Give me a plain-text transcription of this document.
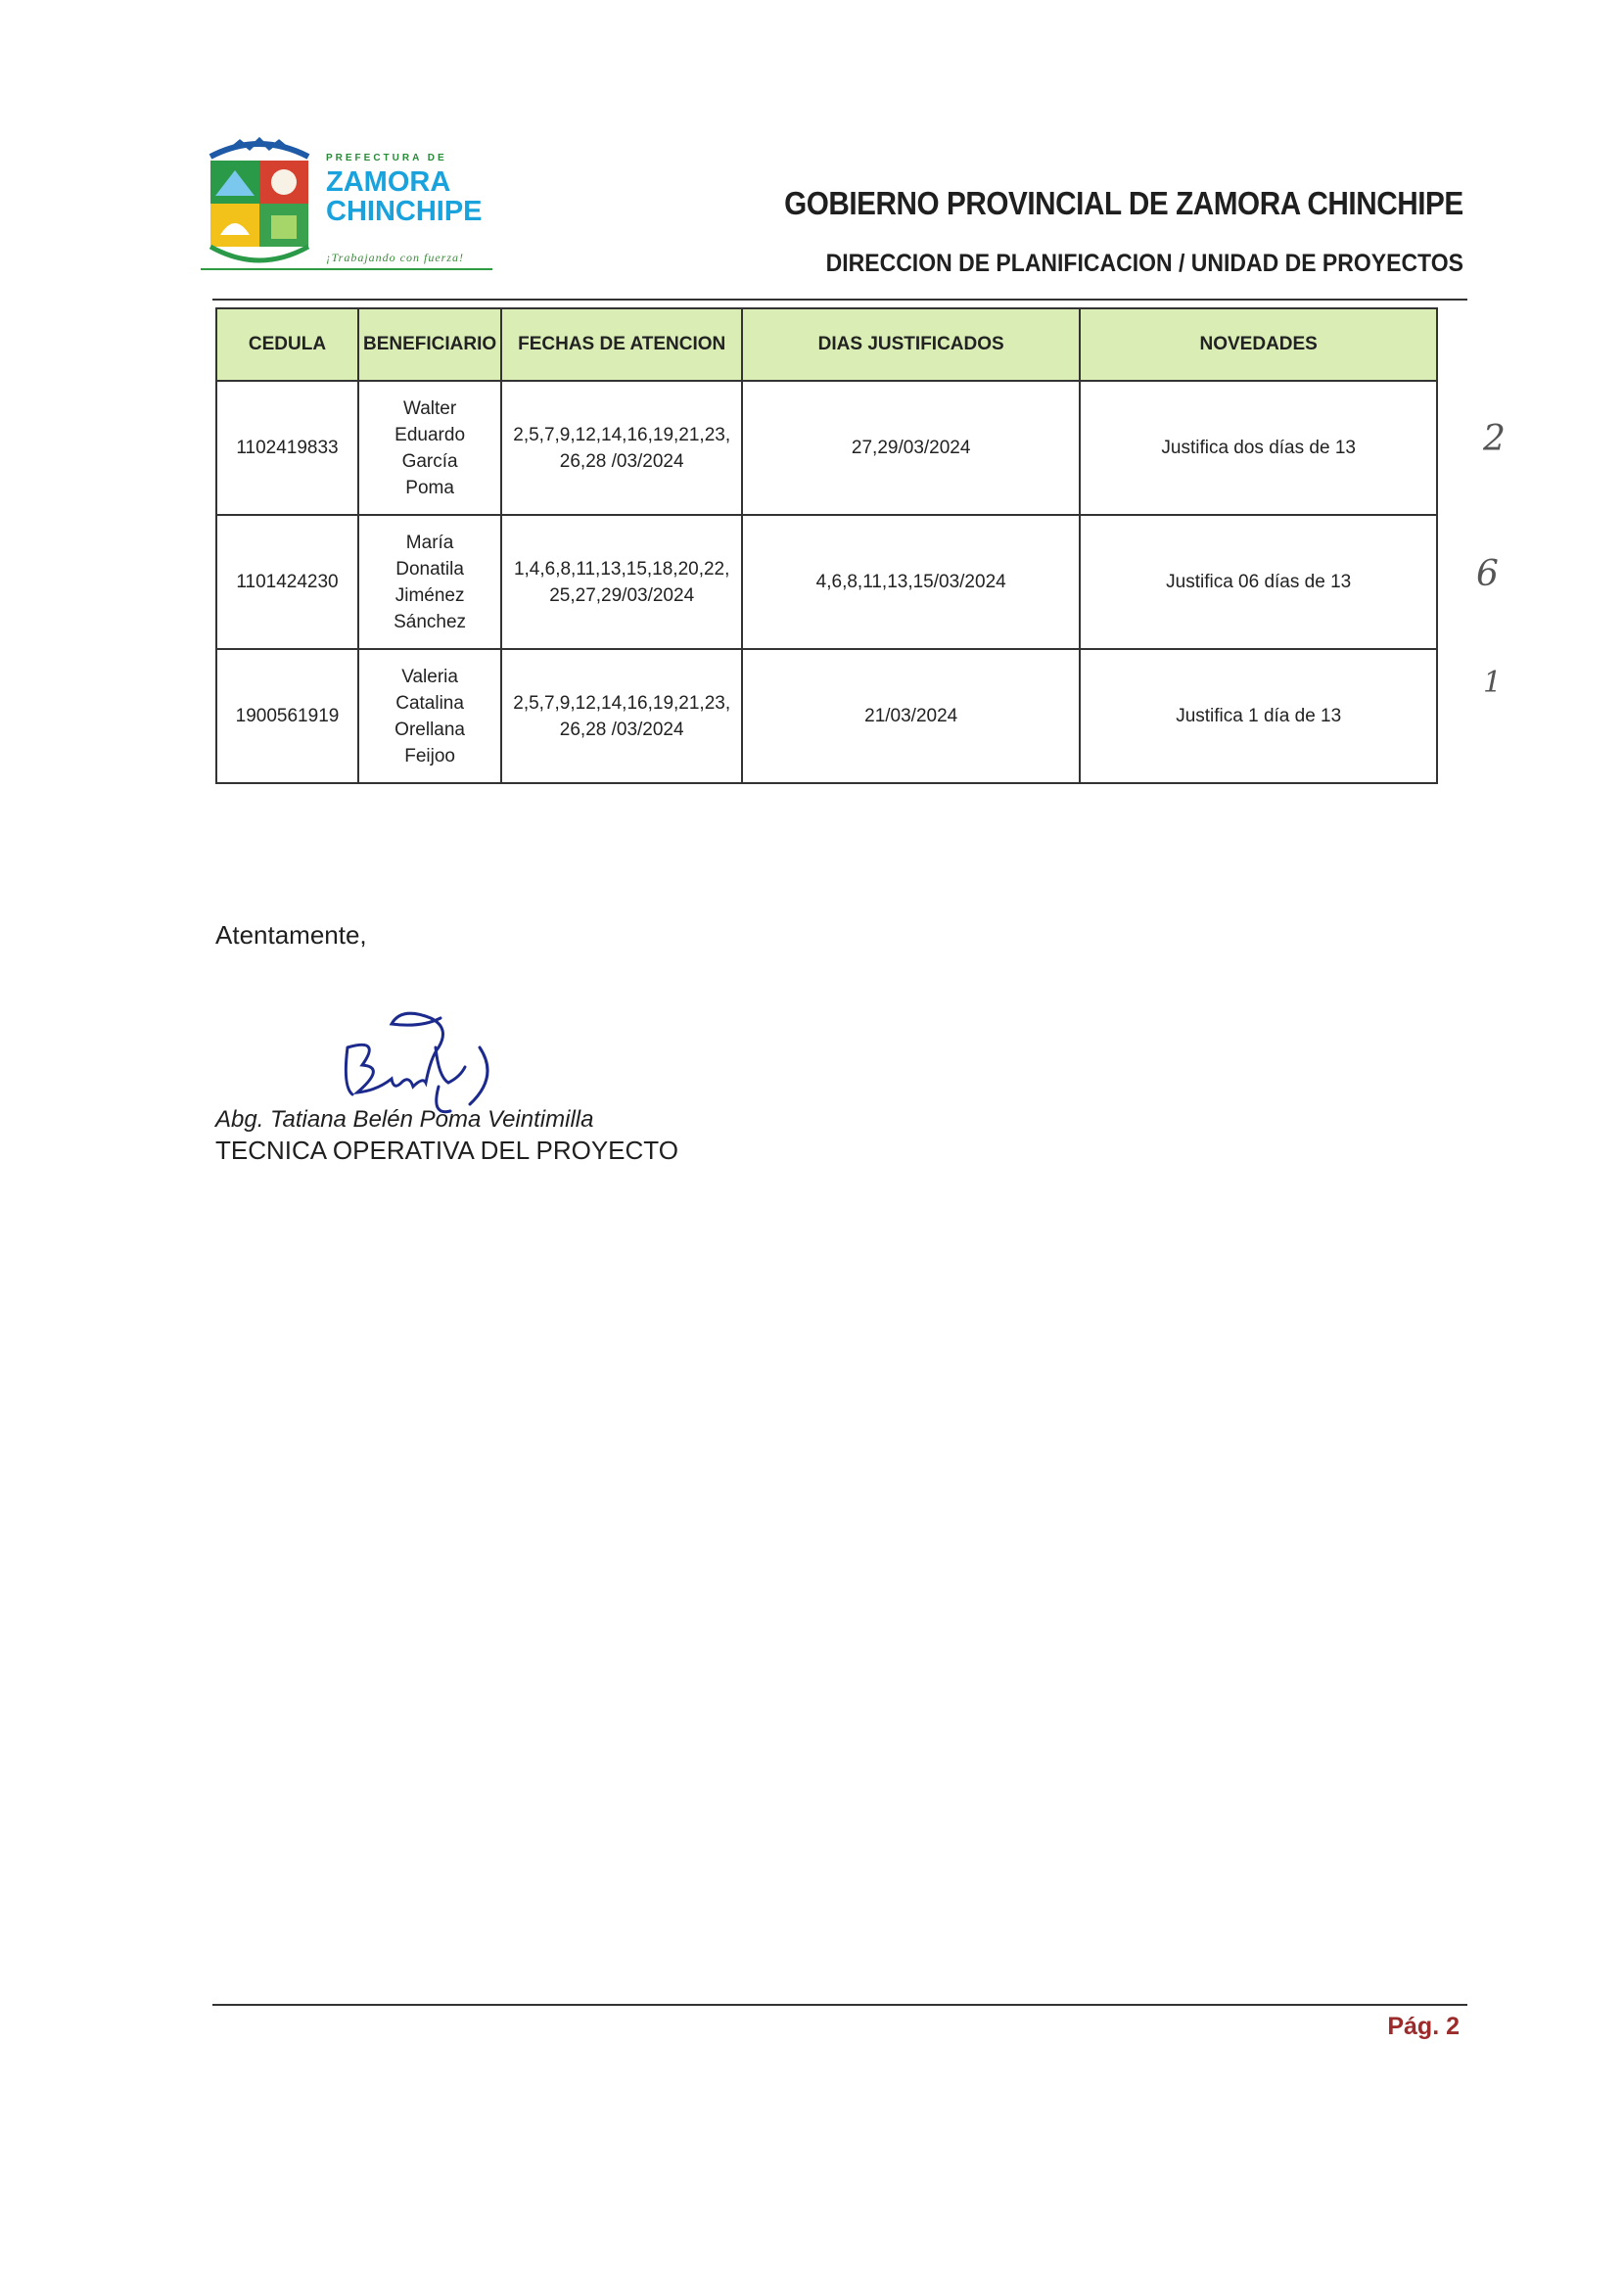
PREFECTURA DE
ZAMORA
CHINCHIPE
¡Trabajando con fuerza!
GOBIERNO PROVINCIAL DE ZAMORA CHINCHIPE
DIRECCION DE PLANIFICACION / UNIDAD DE PROYECTOS
CEDULA	BENEFICIARIO	FECHAS DE ATENCION	DIAS JUSTIFICADOS	NOVEDADES
1102419833	Walter Eduardo García Poma	2,5,7,9,12,14,16,19,21,23, 26,28 /03/2024	27,29/03/2024	Justifica dos días de 13
1101424230	María Donatila Jiménez Sánchez	1,4,6,8,11,13,15,18,20,22, 25,27,29/03/2024	4,6,8,11,13,15/03/2024	Justifica 06 días de 13
1900561919	Valeria Catalina Orellana Feijoo	2,5,7,9,12,14,16,19,21,23, 26,28 /03/2024	21/03/2024	Justifica 1 día de 13
2
6
1
Atentamente,
Abg. Tatiana Belén Poma Veintimilla
TECNICA OPERATIVA DEL PROYECTO
Pág. 2
